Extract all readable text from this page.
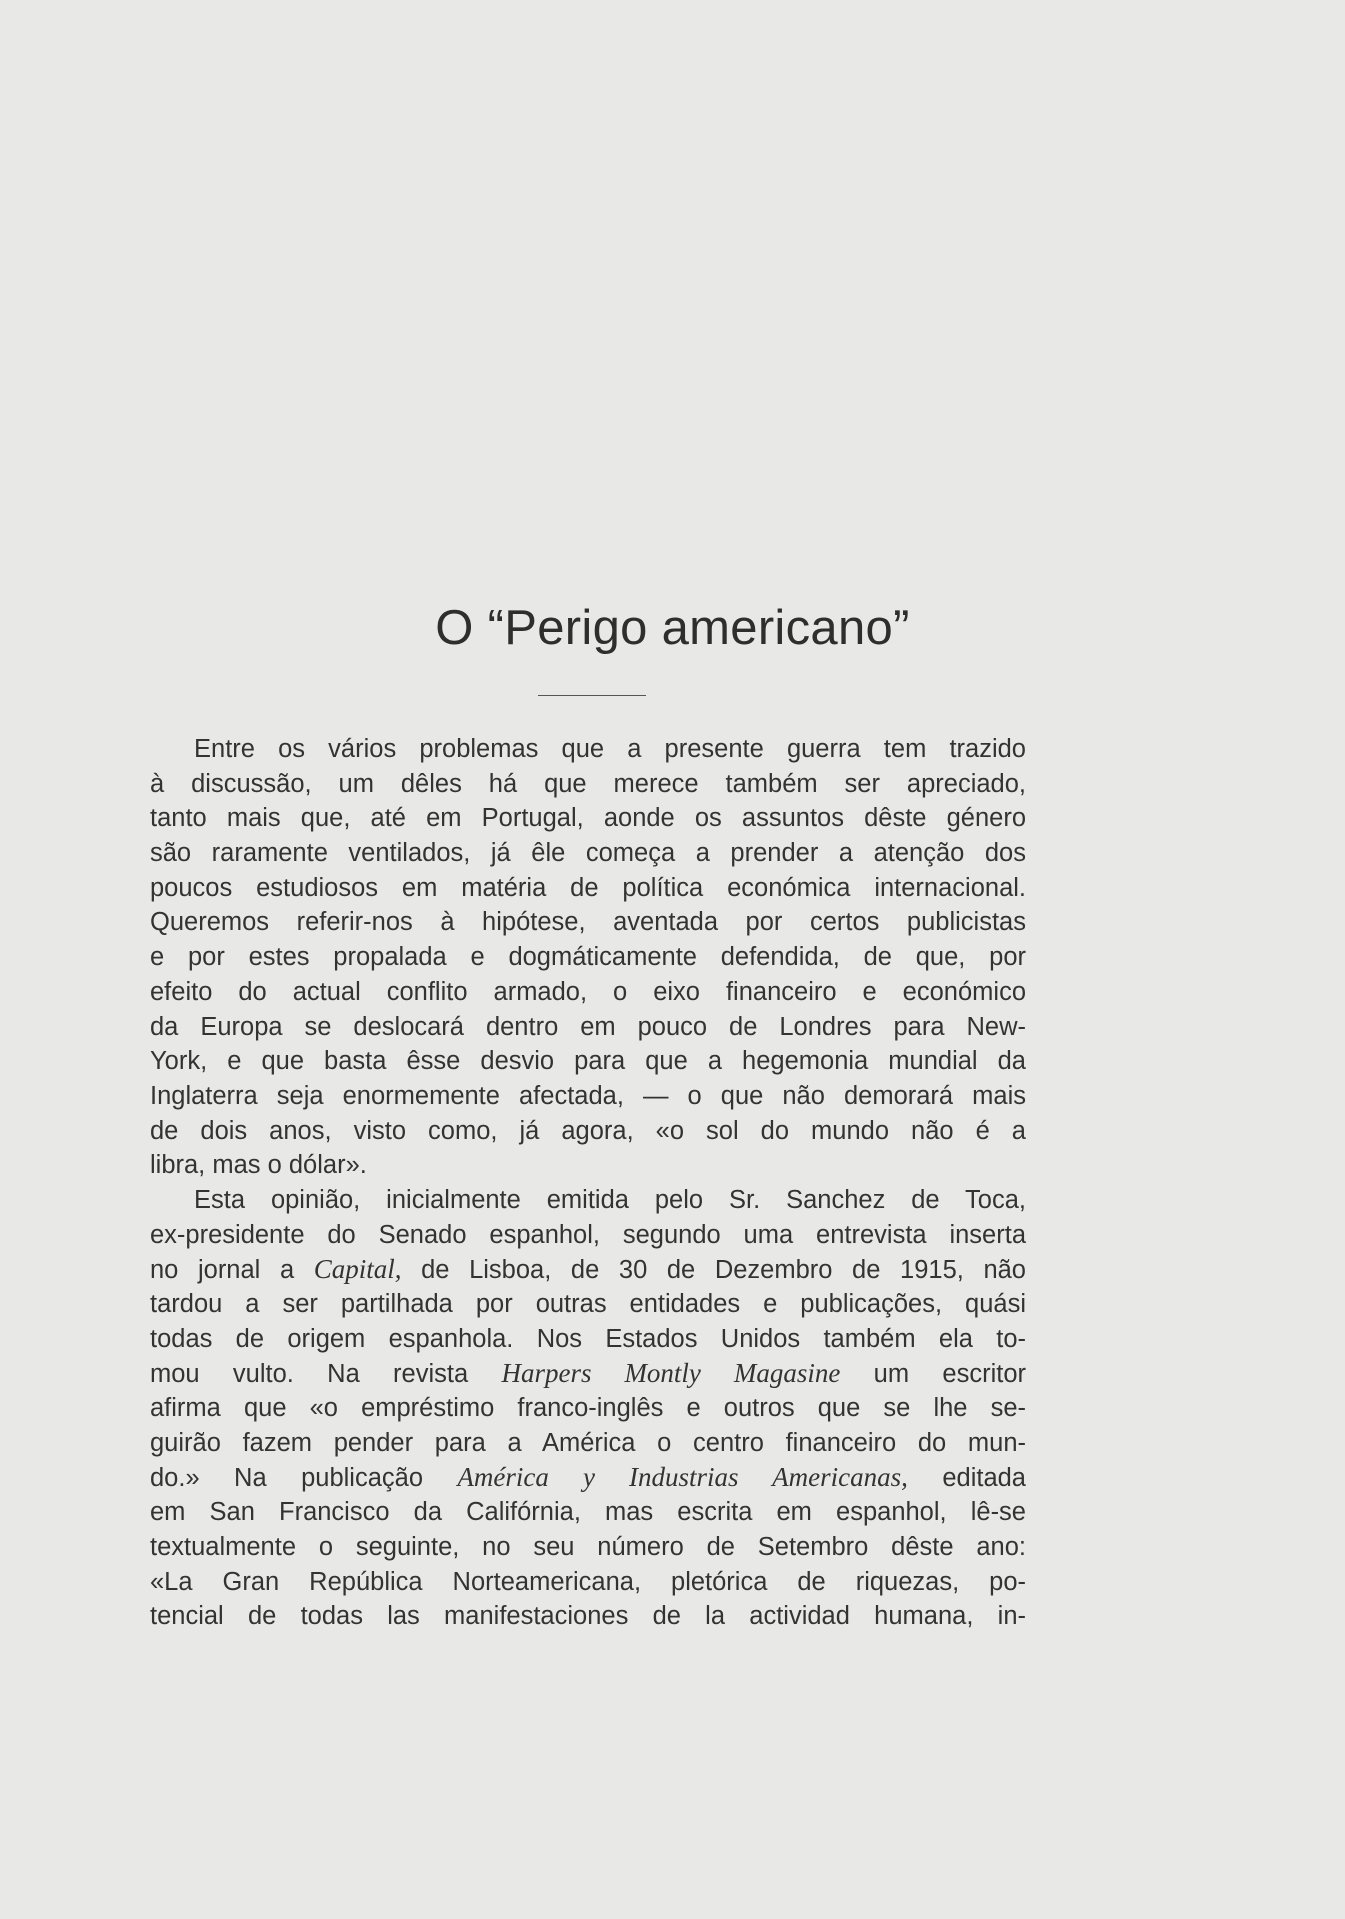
O “Perigo americano”
Entre os vários problemas que a presente guerra tem trazido
à discussão, um dêles há que merece também ser apreciado,
tanto mais que, até em Portugal, aonde os assuntos dêste género
são raramente ventilados, já êle começa a prender a atenção dos
poucos estudiosos em matéria de política económica internacional.
Queremos referir-nos à hipótese, aventada por certos publicistas
e por estes propalada e dogmáticamente defendida, de que, por
efeito do actual conflito armado, o eixo financeiro e económico
da Europa se deslocará dentro em pouco de Londres para New-
York, e que basta êsse desvio para que a hegemonia mundial da
Inglaterra seja enormemente afectada, — o que não demorará mais
de dois anos, visto como, já agora, «o sol do mundo não é a
libra, mas o dólar».
Esta opinião, inicialmente emitida pelo Sr. Sanchez de Toca,
ex-presidente do Senado espanhol, segundo uma entrevista inserta
no jornal a Capital, de Lisboa, de 30 de Dezembro de 1915, não
tardou a ser partilhada por outras entidades e publicações, quási
todas de origem espanhola. Nos Estados Unidos também ela to-
mou vulto. Na revista Harpers Montly Magasine um escritor
afirma que «o empréstimo franco-inglês e outros que se lhe se-
guirão fazem pender para a América o centro financeiro do mun-
do.» Na publicação América y Industrias Americanas, editada
em San Francisco da Califórnia, mas escrita em espanhol, lê-se
textualmente o seguinte, no seu número de Setembro dêste ano:
«La Gran República Norteamericana, pletórica de riquezas, po-
tencial de todas las manifestaciones de la actividad humana, in-
